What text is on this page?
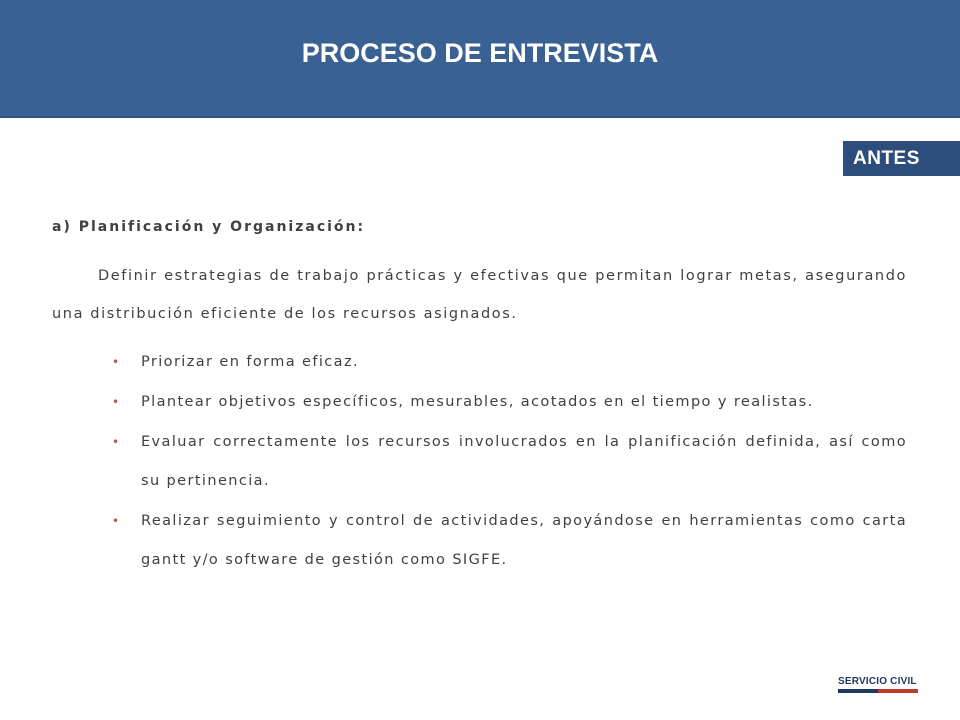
PROCESO DE ENTREVISTA
ANTES

a) Planificación y Organización:

Definir estrategias de trabajo prácticas y efectivas que permitan lograr metas, asegurando una distribución eficiente de los recursos asignados.

• Priorizar en forma eficaz.
• Plantear objetivos específicos, mesurables, acotados en el tiempo y realistas.
• Evaluar correctamente los recursos involucrados en la planificación definida, así como su pertinencia.
• Realizar seguimiento y control de actividades, apoyándose en herramientas como carta gantt y/o software de gestión como SIGFE.
SERVICIO CIVIL
